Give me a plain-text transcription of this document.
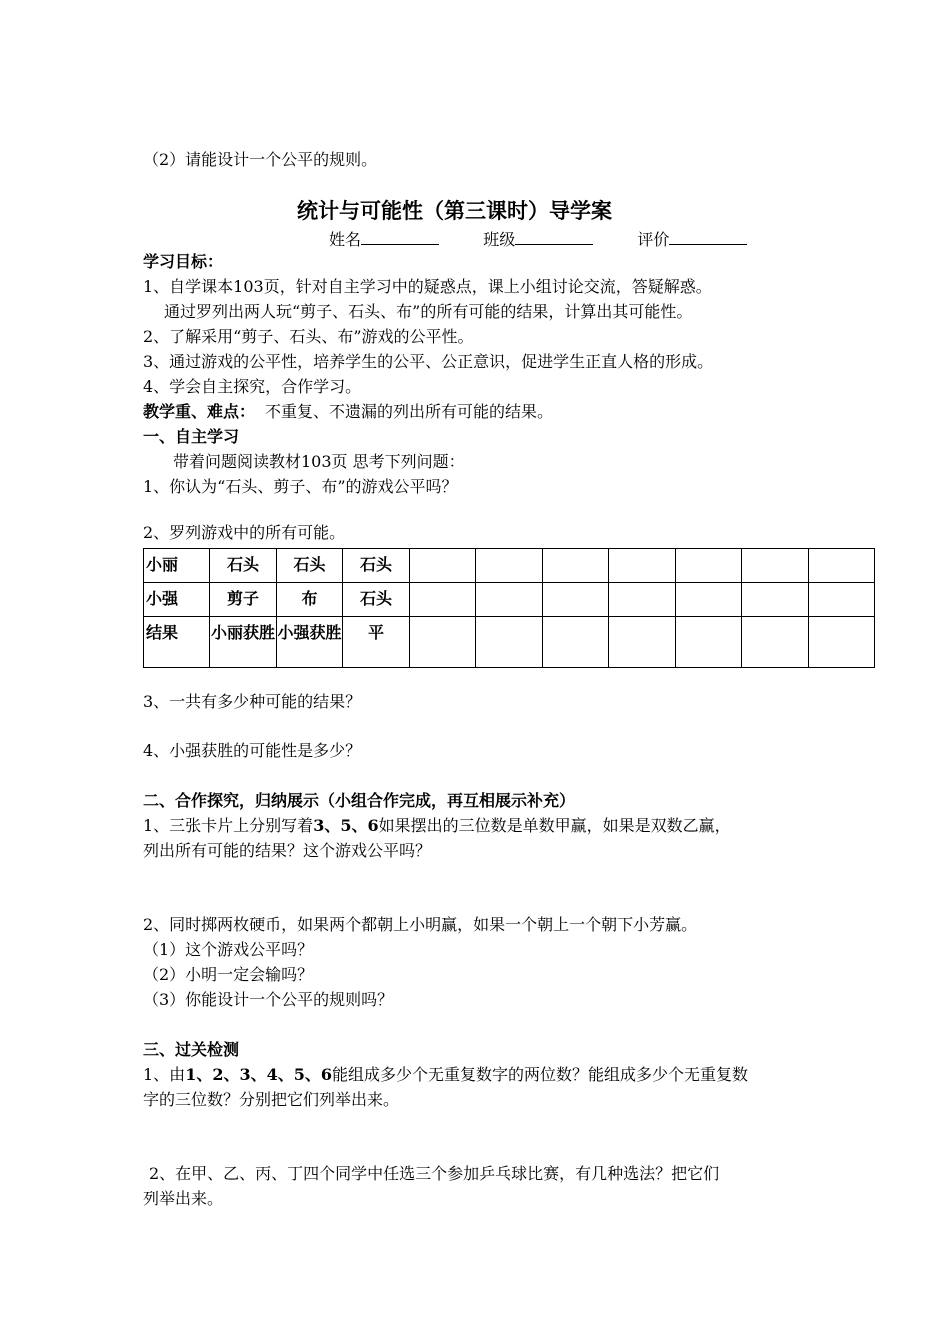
（2）请能设计一个公平的规则。
统计与可能性（第三课时）导学案
姓名	班级	评价
学习目标：
1、自学课本103页，针对自主学习中的疑惑点，课上小组讨论交流，答疑解惑。
通过罗列出两人玩“剪子、石头、布”的所有可能的结果，计算出其可能性。
2、了解采用“剪子、石头、布”游戏的公平性。
3、通过游戏的公平性，培养学生的公平、公正意识，促进学生正直人格的形成。
4、学会自主探究，合作学习。
教学重、难点： 不重复、不遗漏的列出所有可能的结果。
一、自主学习
带着问题阅读教材103页 思考下列问题：
1、你认为“石头、剪子、布”的游戏公平吗？
2、罗列游戏中的所有可能。
小丽	石头	石头	石头							
小强	剪子	布	石头							
结果	小丽获胜	小强获胜	平							
3、一共有多少种可能的结果？
4、小强获胜的可能性是多少？
二、合作探究，归纳展示（小组合作完成，再互相展示补充）
1、三张卡片上分别写着3、5、6如果摆出的三位数是单数甲赢，如果是双数乙赢，
列出所有可能的结果？这个游戏公平吗？
2、同时掷两枚硬币，如果两个都朝上小明赢，如果一个朝上一个朝下小芳赢。
（1）这个游戏公平吗？
（2）小明一定会输吗？
（3）你能设计一个公平的规则吗？
三、过关检测
1、由1、2、3、4、5、6能组成多少个无重复数字的两位数？能组成多少个无重复数
字的三位数？分别把它们列举出来。
2、在甲、乙、丙、丁四个同学中任选三个参加乒乓球比赛，有几种选法？把它们
列举出来。
